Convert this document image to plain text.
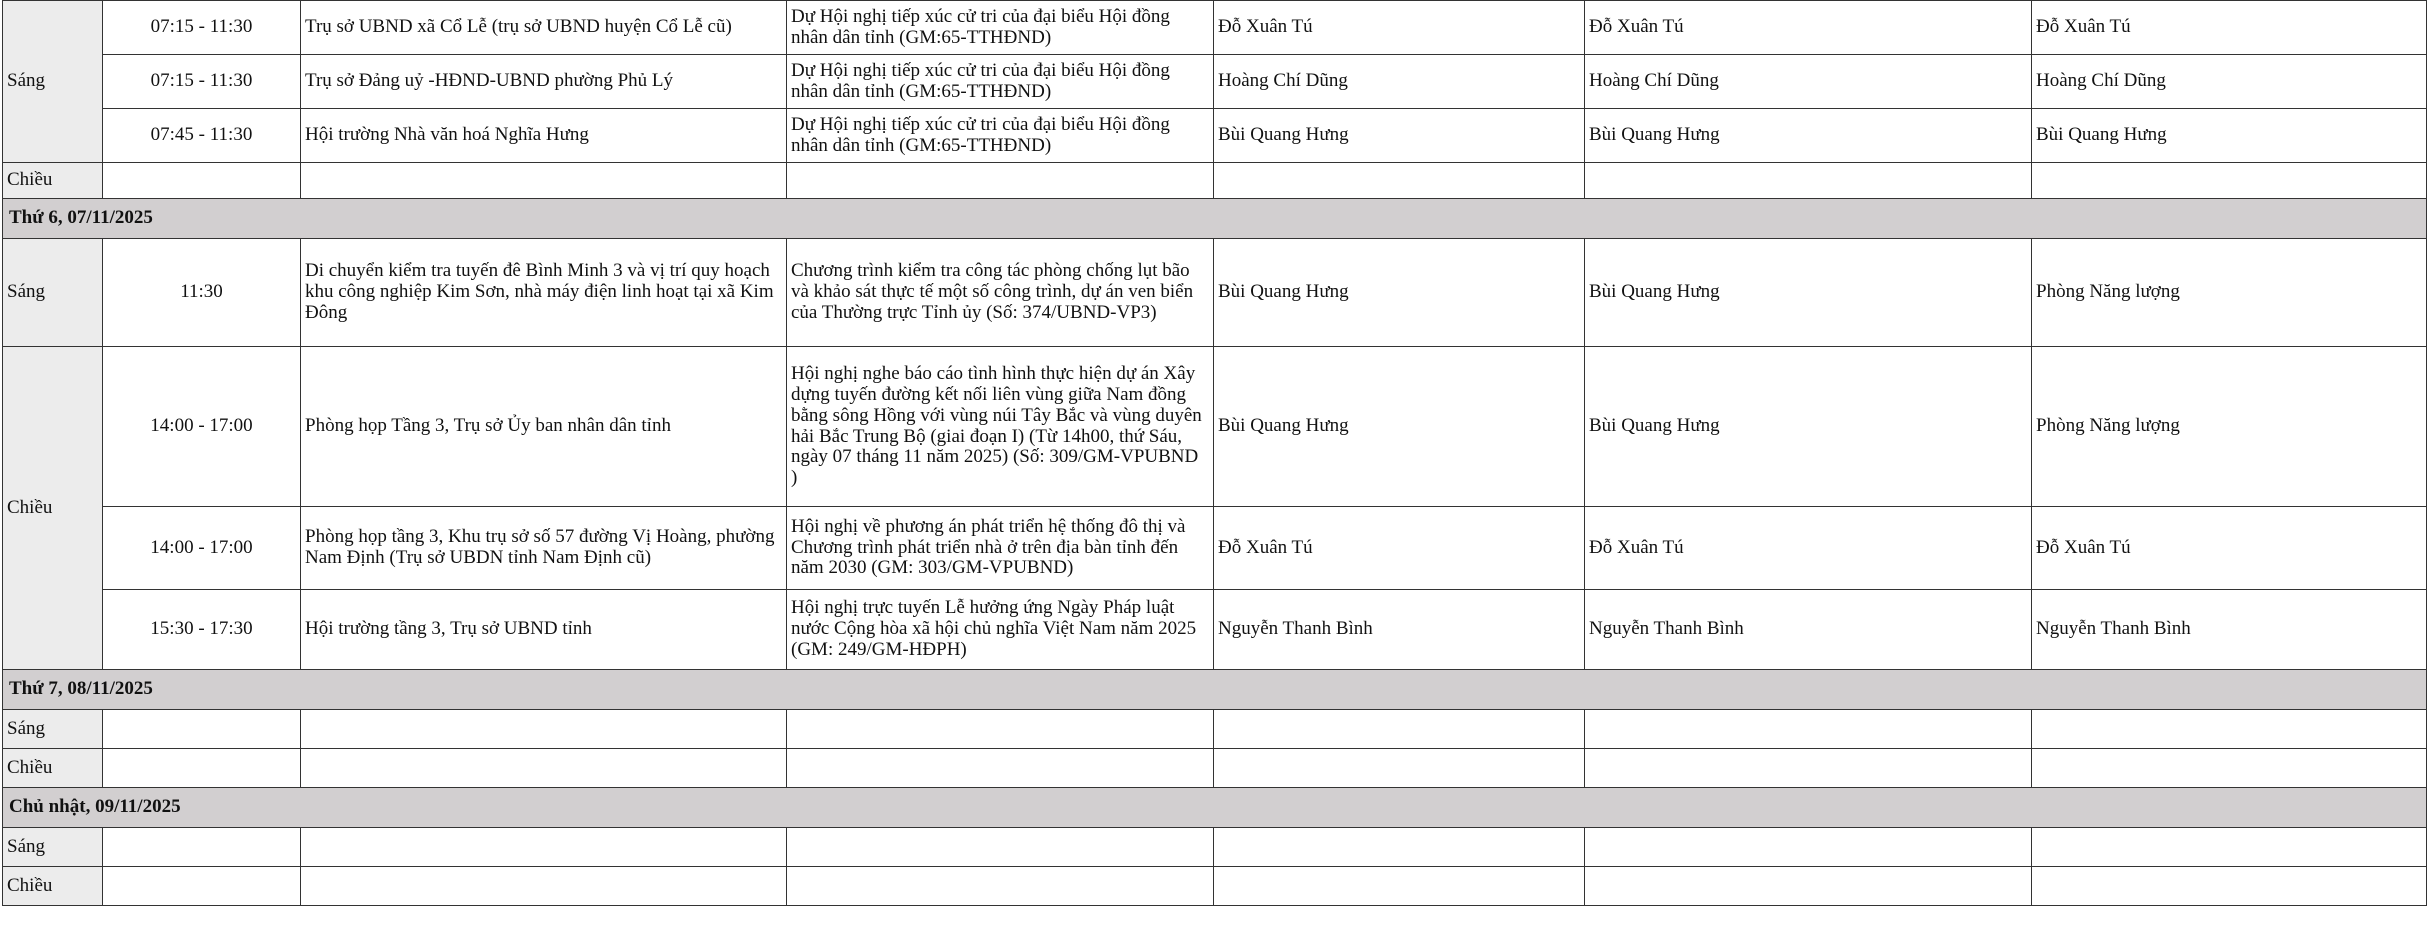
Sáng	07:15 - 11:30	Trụ sở UBND xã Cổ Lễ (trụ sở UBND huyện Cổ Lễ cũ)	Dự Hội nghị tiếp xúc cử tri của đại biểu Hội đồng nhân dân tỉnh (GM:65-TTHĐND)	Đỗ Xuân Tú	Đỗ Xuân Tú	Đỗ Xuân Tú
	07:15 - 11:30	Trụ sở Đảng uỷ -HĐND-UBND phường Phủ Lý	Dự Hội nghị tiếp xúc cử tri của đại biểu Hội đồng nhân dân tỉnh (GM:65-TTHĐND)	Hoàng Chí Dũng	Hoàng Chí Dũng	Hoàng Chí Dũng
	07:45 - 11:30	Hội trường Nhà văn hoá Nghĩa Hưng	Dự Hội nghị tiếp xúc cử tri của đại biểu Hội đồng nhân dân tỉnh (GM:65-TTHĐND)	Bùi Quang Hưng	Bùi Quang Hưng	Bùi Quang Hưng
Chiều						
Thứ 6, 07/11/2025						
Sáng	11:30	Di chuyển kiểm tra tuyến đê Bình Minh 3 và vị trí quy hoạch khu công nghiệp Kim Sơn, nhà máy điện linh hoạt tại xã Kim Đông	Chương trình kiểm tra công tác phòng chống lụt bão và khảo sát thực tế một số công trình, dự án ven biển của Thường trực Tỉnh ủy (Số: 374/UBND-VP3)	Bùi Quang Hưng	Bùi Quang Hưng	Phòng Năng lượng
Chiều	14:00 - 17:00	Phòng họp Tầng 3, Trụ sở Ủy ban nhân dân tỉnh	Hội nghị nghe báo cáo tình hình thực hiện dự án Xây dựng tuyến đường kết nối liên vùng giữa Nam đồng bằng sông Hồng với vùng núi Tây Bắc và vùng duyên hải Bắc Trung Bộ (giai đoạn I) (Từ 14h00, thứ Sáu, ngày 07 tháng 11 năm 2025) (Số: 309/GM-VPUBND )	Bùi Quang Hưng	Bùi Quang Hưng	Phòng Năng lượng
	14:00 - 17:00	Phòng họp tầng 3, Khu trụ sở số 57 đường Vị Hoàng, phường Nam Định (Trụ sở UBDN tỉnh Nam Định cũ)	Hội nghị về phương án phát triển hệ thống đô thị và Chương trình phát triển nhà ở trên địa bàn tỉnh đến năm 2030 (GM: 303/GM-VPUBND)	Đỗ Xuân Tú	Đỗ Xuân Tú	Đỗ Xuân Tú
	15:30 - 17:30	Hội trường tầng 3, Trụ sở UBND tỉnh	Hội nghị trực tuyến Lễ hưởng ứng Ngày Pháp luật nước Cộng hòa xã hội chủ nghĩa Việt Nam năm 2025 (GM: 249/GM-HĐPH)	Nguyễn Thanh Bình	Nguyễn Thanh Bình	Nguyễn Thanh Bình
Thứ 7, 08/11/2025						
Sáng						
Chiều						
Chủ nhật, 09/11/2025						
Sáng						
Chiều						
